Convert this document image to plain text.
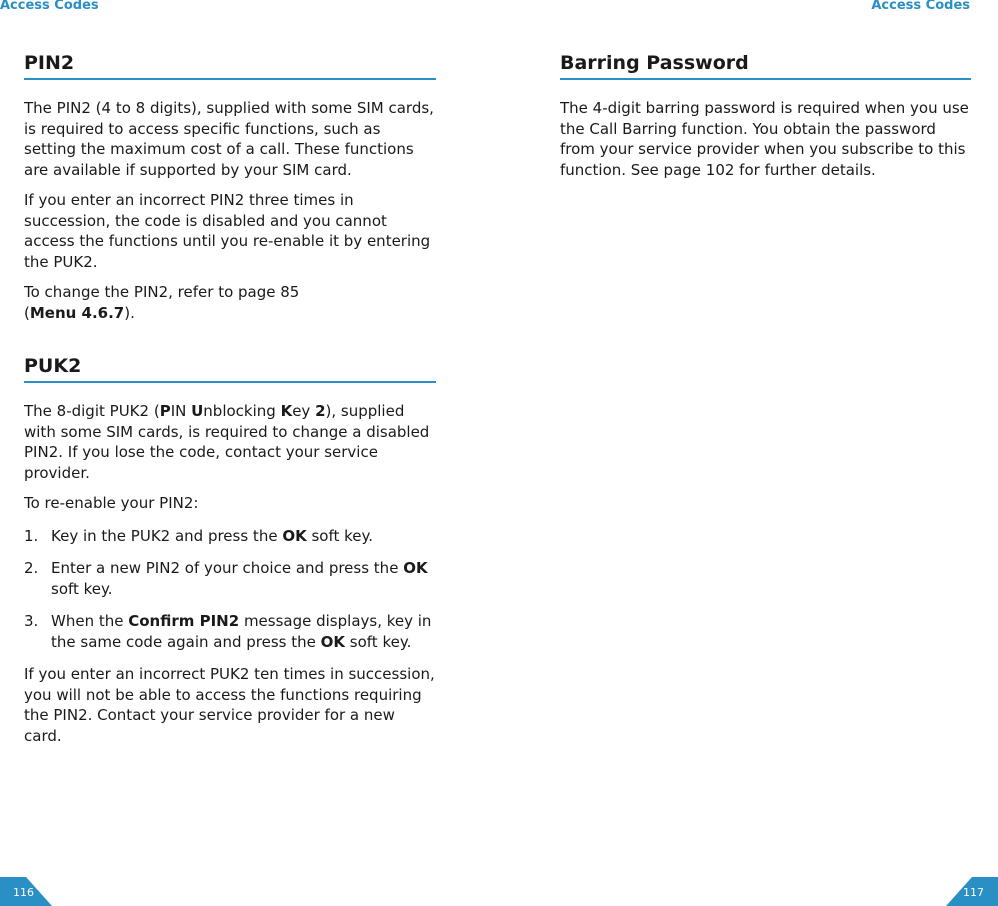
Access Codes	Access Codes
PIN2

The PIN2 (4 to 8 digits), supplied with some SIM cards, is required to access specific functions, such as setting the maximum cost of a call. These functions are available if supported by your SIM card.

If you enter an incorrect PIN2 three times in succession, the code is disabled and you cannot access the functions until you re-enable it by entering the PUK2.

To change the PIN2, refer to page 85
(Menu 4.6.7).

PUK2

The 8-digit PUK2 (PIN Unblocking Key 2), supplied with some SIM cards, is required to change a disabled PIN2. If you lose the code, contact your service provider.

To re-enable your PIN2:

1. Key in the PUK2 and press the OK soft key.
2. Enter a new PIN2 of your choice and press the OK soft key.
3. When the Confirm PIN2 message displays, key in the same code again and press the OK soft key.

If you enter an incorrect PUK2 ten times in succession, you will not be able to access the functions requiring the PIN2. Contact your service provider for a new card.

Barring Password

The 4-digit barring password is required when you use the Call Barring function. You obtain the password from your service provider when you subscribe to this function. See page 102 for further details.

116	117
